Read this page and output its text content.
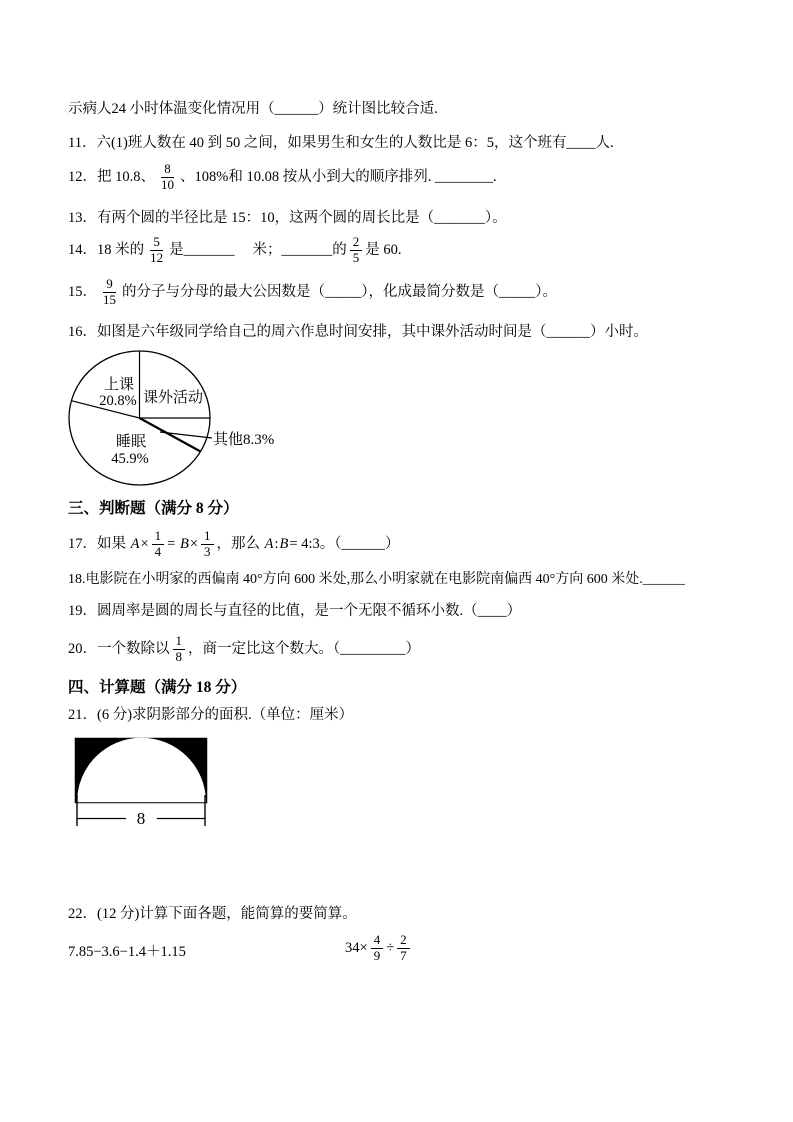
示病人24 小时体温变化情况用（______）统计图比较合适.
11．六(1)班人数在 40 到 50 之间，如果男生和女生的人数比是 6：5，这个班有____人.
12．把 10.8、 $\frac{8}{10}$ 、108%和 10.08 按从小到大的顺序排列. ________.
13．有两个圆的半径比是 15：10，这两个圆的周长比是（_______）。
14．18 米的 $\frac{5}{12}$ 是_______　 米；_______的 $\frac{2}{5}$ 是 60.
15． $\frac{9}{15}$ 的分子与分母的最大公因数是（_____），化成最简分数是（_____）。
16．如图是六年级同学给自己的周六作息时间安排，其中课外活动时间是（______）小时。
三、判断题（满分 8 分）
17．如果 $A \times \frac{1}{4} = B \times \frac{1}{3}$ ，那么 A : B = 4:3。（______）
18.电影院在小明家的西偏南 40°方向 600 米处,那么小明家就在电影院南偏西 40°方向 600 米处.______
19．圆周率是圆的周长与直径的比值，是一个无限不循环小数.（____）
20．一个数除以 $\frac{1}{8}$ ，商一定比这个数大。（_________）
四、计算题（满分 18 分）
21．(6 分)求阴影部分的面积.（单位：厘米）
22．(12 分)计算下面各题，能简算的要简算。
7.85−3.6−1.4＋1.15	$34\times \frac{4}{9} \div \frac{2}{7}$
上课
20.8% 课外活动
睡眠
45.9%
其他8.3%
8
